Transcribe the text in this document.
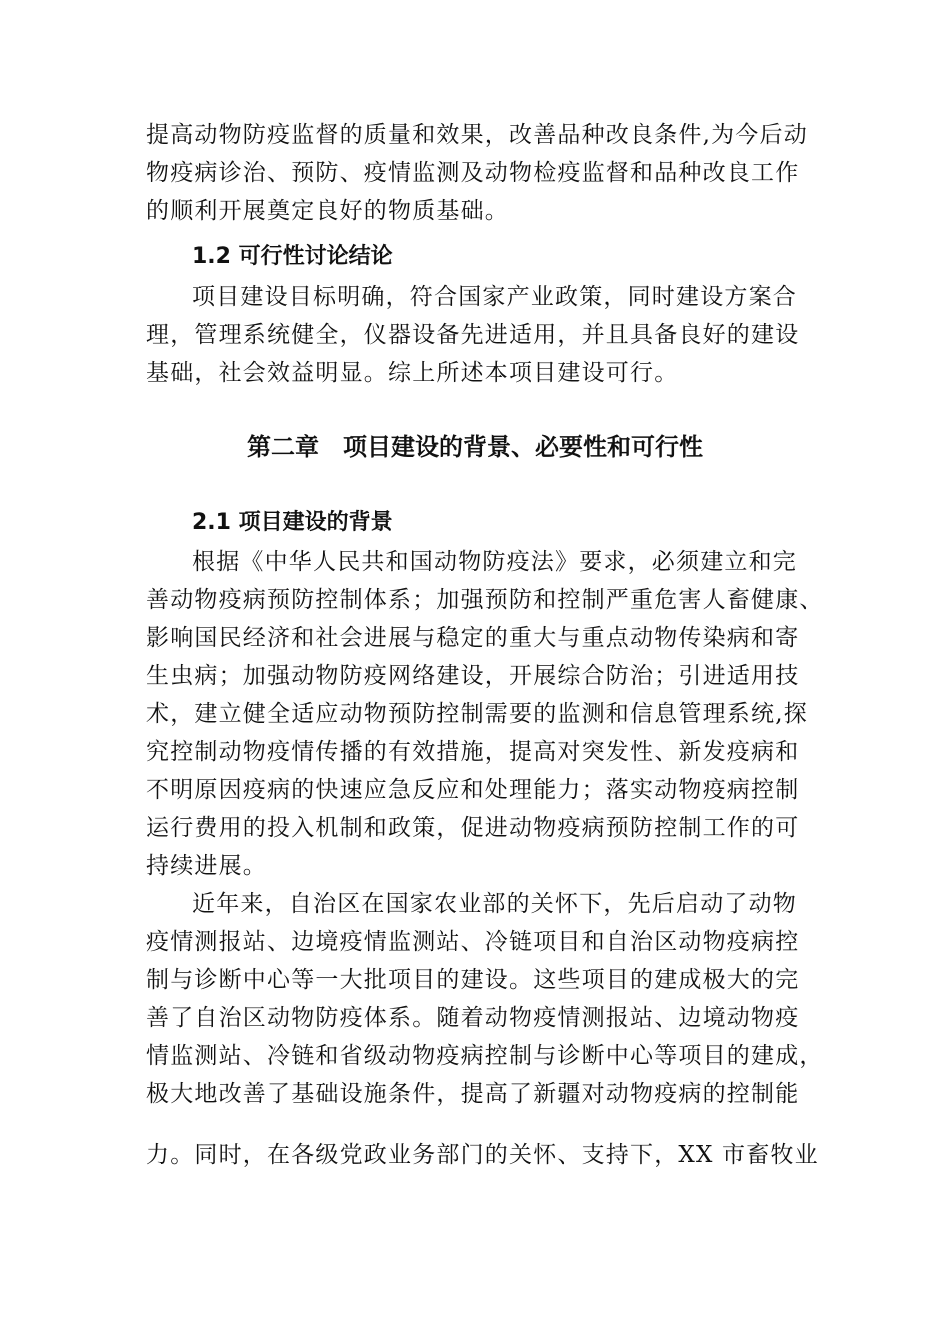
提高动物防疫监督的质量和效果，改善品种改良条件,为今后动
物疫病诊治、预防、疫情监测及动物检疫监督和品种改良工作
的顺利开展奠定良好的物质基础。
1.2 可行性讨论结论
项目建设目标明确，符合国家产业政策，同时建设方案合
理，管理系统健全，仪器设备先进适用，并且具备良好的建设
基础，社会效益明显。综上所述本项目建设可行。
第二章　项目建设的背景、必要性和可行性
2.1 项目建设的背景
根据《中华人民共和国动物防疫法》要求，必须建立和完
善动物疫病预防控制体系；加强预防和控制严重危害人畜健康、
影响国民经济和社会进展与稳定的重大与重点动物传染病和寄
生虫病；加强动物防疫网络建设，开展综合防治；引进适用技
术，建立健全适应动物预防控制需要的监测和信息管理系统,探
究控制动物疫情传播的有效措施，提高对突发性、新发疫病和
不明原因疫病的快速应急反应和处理能力；落实动物疫病控制
运行费用的投入机制和政策，促进动物疫病预防控制工作的可
持续进展。
近年来，自治区在国家农业部的关怀下，先后启动了动物
疫情测报站、边境疫情监测站、冷链项目和自治区动物疫病控
制与诊断中心等一大批项目的建设。这些项目的建成极大的完
善了自治区动物防疫体系。随着动物疫情测报站、边境动物疫
情监测站、冷链和省级动物疫病控制与诊断中心等项目的建成，
极大地改善了基础设施条件，提高了新疆对动物疫病的控制能
力。同时，在各级党政业务部门的关怀、支持下，XX 市畜牧业
